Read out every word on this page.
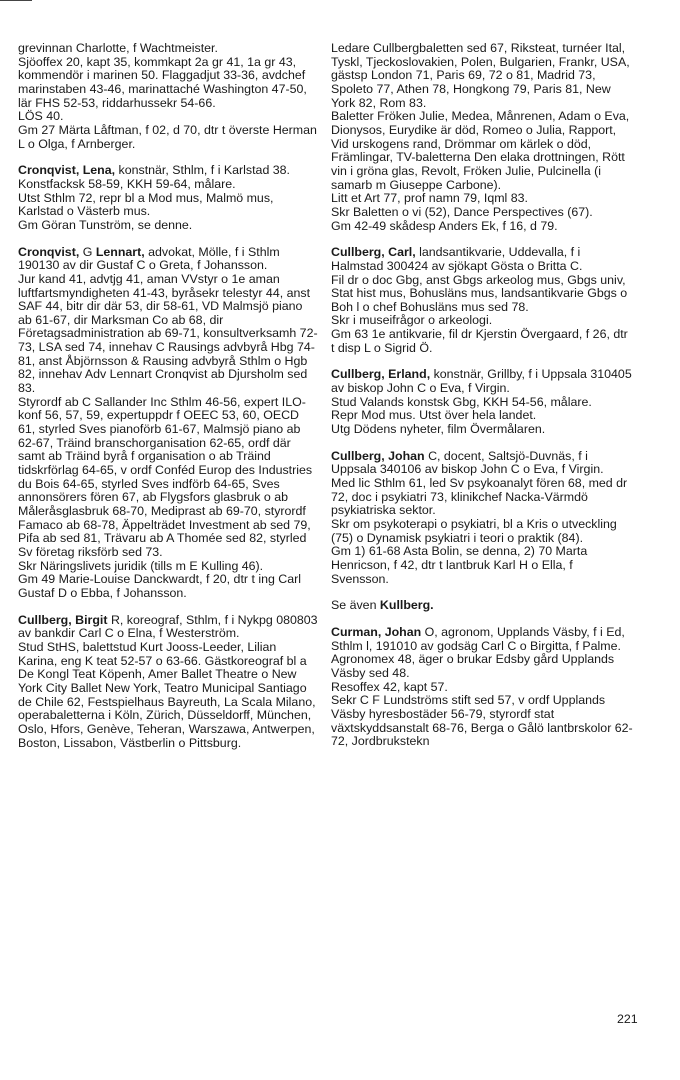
grevinnan Charlotte, f Wachtmeister.
Sjöoffex 20, kapt 35, kommkapt 2a gr 41, 1a gr 43, kommendör i marinen 50. Flaggadjut 33-36, avdchef marinstaben 43-46, marinattaché Washington 47-50, lär FHS 52-53, riddarhussekr 54-66.

LÖS 40.

Gm 27 Märta Låftman, f 02, d 70, dtr t överste Herman L o Olga, f Arnberger.

Cronqvist, Lena, konstnär, Sthlm, f i Karlstad 38.

Konstfacksk 58-59, KKH 59-64, målare.

Utst Sthlm 72, repr bl a Mod mus, Malmö mus, Karlstad o Västerb mus.

Gm Göran Tunström, se denne.

Cronqvist, G Lennart, advokat, Mölle, f i Sthlm 190130 av dir Gustaf C o Greta, f Johansson.

Jur kand 41, advtjg 41, aman VVstyr o 1e aman luftfartsmyndigheten 41-43, byråsekr telestyr 44, anst SAF 44, bitr dir där 53, dir 58-61, VD Malmsjö piano ab 61-67, dir Marksman Co ab 68, dir Företagsadministration ab 69-71, konsultverksamh 72-73, LSA sed 74, innehav C Rausings advbyrå Hbg 74-81, anst Åbjörnsson & Rausing advbyrå Sthlm o Hgb 82, innehav Adv Lennart Cronqvist ab Djursholm sed 83.

Styrordf ab C Sallander Inc Sthlm 46-56, expert ILO-konf 56, 57, 59, expertuppdr f OEEC 53, 60, OECD 61, styrled Sves pianoförb 61-67, Malmsjö piano ab 62-67, Träind branschorganisation 62-65, ordf där samt ab Träind byrå f organisation o ab Träind tidskrförlag 64-65, v ordf Conféd Europ des Industries du Bois 64-65, styrled Sves indförb 64-65, Sves annonsörers fören 67, ab Flygsfors glasbruk o ab Måleråsglasbruk 68-70, Mediprast ab 69-70, styrordf Famaco ab 68-78, Äppelträdet Investment ab sed 79, Pifa ab sed 81, Trävaru ab A Thomée sed 82, styrled Sv företag riksförb sed 73.

Skr Näringslivets juridik (tills m E Kulling 46).

Gm 49 Marie-Louise Danckwardt, f 20, dtr t ing Carl Gustaf D o Ebba, f Johansson.

Cullberg, Birgit R, koreograf, Sthlm, f i Nykpg 080803 av bankdir Carl C o Elna, f Westerström.

Stud StHS, balettstud Kurt Jooss-Leeder, Lilian Karina, eng K teat 52-57 o 63-66. Gästkoreograf bl a De Kongl Teat Köpenh, Amer Ballet Theatre o New York City Ballet New York, Teatro Municipal Santiago de Chile 62, Festspielhaus Bayreuth, La Scala Milano, operabaletterna i Köln, Zürich, Düsseldorff, München, Oslo, Hfors, Genève, Teheran, Warszawa, Antwerpen, Boston, Lissabon, Västberlin o Pittsburg.

Ledare Cullbergbaletten sed 67, Riksteat, turnéer Ital, Tyskl, Tjeckoslovakien, Polen, Bulgarien, Frankr, USA, gästsp London 71, Paris 69, 72 o 81, Madrid 73, Spoleto 77, Athen 78, Hongkong 79, Paris 81, New York 82, Rom 83.

Baletter Fröken Julie, Medea, Månrenen, Adam o Eva, Dionysos, Eurydike är död, Romeo o Julia, Rapport, Vid urskogens rand, Drömmar om kärlek o död, Främlingar, TV-baletterna Den elaka drottningen, Rött vin i gröna glas, Revolt, Fröken Julie, Pulcinella (i samarb m Giuseppe Carbone).

Litt et Art 77, prof namn 79, Iqml 83.

Skr Baletten o vi (52), Dance Perspectives (67).

Gm 42-49 skådesp Anders Ek, f 16, d 79.

Cullberg, Carl, landsantikvarie, Uddevalla, f i Halmstad 300424 av sjökapt Gösta o Britta C.

Fil dr o doc Gbg, anst Gbgs arkeolog mus, Gbgs univ, Stat hist mus, Bohusläns mus, landsantikvarie Gbgs o Boh l o chef Bohusläns mus sed 78.

Skr i museifrågor o arkeologi.

Gm 63 1e antikvarie, fil dr Kjerstin Övergaard, f 26, dtr t disp L o Sigrid Ö.

Cullberg, Erland, konstnär, Grillby, f i Uppsala 310405 av biskop John C o Eva, f Virgin.

Stud Valands konstsk Gbg, KKH 54-56, målare.

Repr Mod mus. Utst över hela landet.

Utg Dödens nyheter, film Övermålaren.

Cullberg, Johan C, docent, Saltsjö-Duvnäs, f i Uppsala 340106 av biskop John C o Eva, f Virgin.

Med lic Sthlm 61, led Sv psykoanalyt fören 68, med dr 72, doc i psykiatri 73, klinikchef Nacka-Värmdö psykiatriska sektor.

Skr om psykoterapi o psykiatri, bl a Kris o utveckling (75) o Dynamisk psykiatri i teori o praktik (84).

Gm 1) 61-68 Asta Bolin, se denna, 2) 70 Marta Henricson, f 42, dtr t lantbruk Karl H o Ella, f Svensson.

Se även Kullberg.

Curman, Johan O, agronom, Upplands Väsby, f i Ed, Sthlm l, 191010 av godsäg Carl C o Birgitta, f Palme.

Agronomex 48, äger o brukar Edsby gård Upplands Väsby sed 48.

Resoffex 42, kapt 57.

Sekr C F Lundströms stift sed 57, v ordf Upplands Väsby hyresbostäder 56-79, styrordf stat växtskyddsanstalt 68-76, Berga o Gålö lantbrskolor 62-72, Jordbrukstekn

221
